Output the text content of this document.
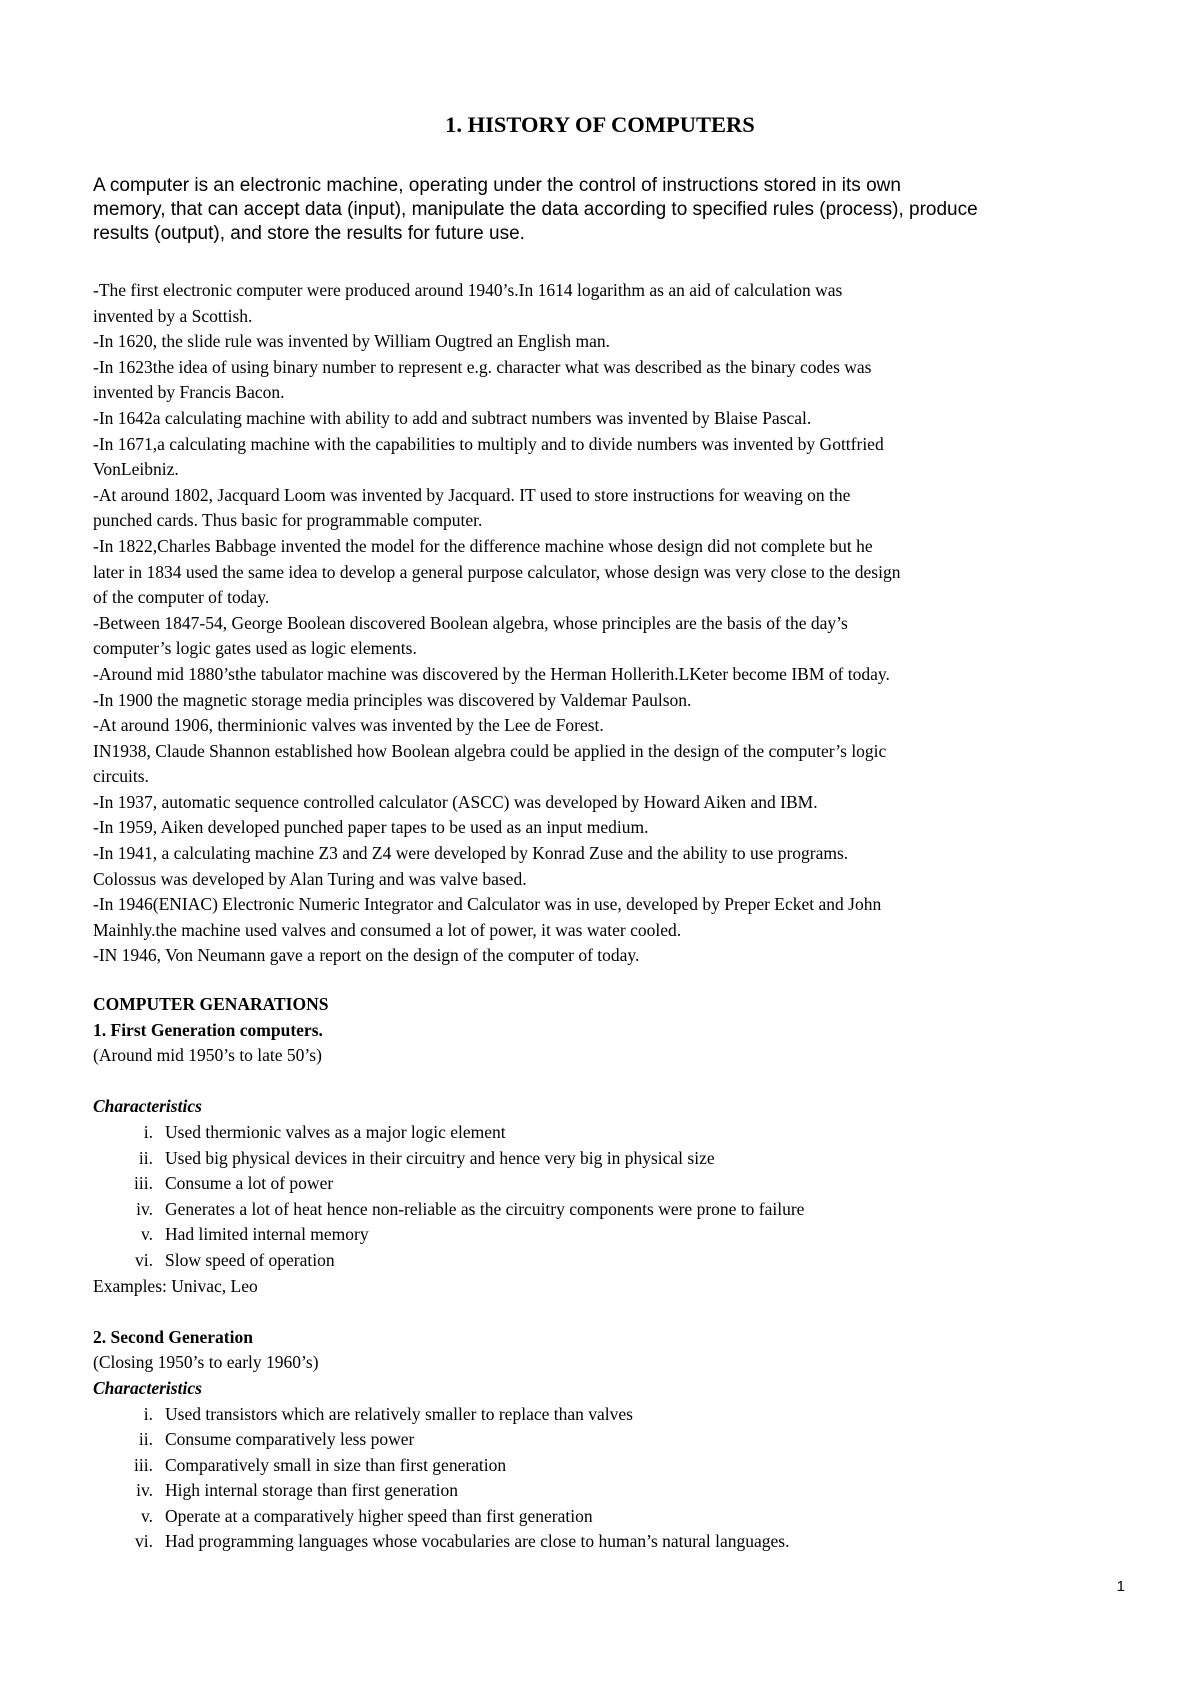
1. HISTORY OF COMPUTERS
A computer is an electronic machine, operating under the control of instructions stored in its own
memory, that can accept data (input), manipulate the data according to specified rules (process), produce
results (output), and store the results for future use.
-The first electronic computer were produced around 1940’s.In 1614 logarithm as an aid of calculation was
invented by a Scottish.
-In 1620, the slide rule was invented by William Ougtred an English man.
-In 1623the idea of using binary number to represent e.g. character what was described as the binary codes was
invented by Francis Bacon.
-In 1642a calculating machine with ability to add and subtract numbers was invented by Blaise Pascal.
-In 1671,a calculating machine with the capabilities to multiply and to divide numbers was invented by Gottfried
VonLeibniz.
-At around 1802, Jacquard Loom was invented by Jacquard. IT used to store instructions for weaving on the
punched cards. Thus basic for programmable computer.
-In 1822,Charles Babbage invented the model for the difference machine whose design did not complete but he
later in 1834 used the same idea to develop a general purpose calculator, whose design was very close to the design
of the computer of today.
-Between 1847-54, George Boolean discovered Boolean algebra, whose principles are the basis of the day’s
computer’s logic gates used as logic elements.
-Around mid 1880’sthe tabulator machine was discovered by the Herman Hollerith.LKeter become IBM of today.
-In 1900 the magnetic storage media principles was discovered by Valdemar Paulson.
-At around 1906, therminionic valves was invented by the Lee de Forest.
IN1938, Claude Shannon established how Boolean algebra could be applied in the design of the computer’s logic
circuits.
-In 1937, automatic sequence controlled calculator (ASCC) was developed by Howard Aiken and IBM.
-In 1959, Aiken developed punched paper tapes to be used as an input medium.
-In 1941, a calculating machine Z3 and Z4 were developed by Konrad Zuse and the ability to use programs.
Colossus was developed by Alan Turing and was valve based.
-In 1946(ENIAC) Electronic Numeric Integrator and Calculator was in use, developed by Preper Ecket and John
Mainhly.the machine used valves and consumed a lot of power, it was water cooled.
-IN 1946, Von Neumann gave a report on the design of the computer of today.
COMPUTER GENARATIONS
1. First Generation computers.
(Around mid 1950’s to late 50’s)
Characteristics
i. Used thermionic valves as a major logic element
ii. Used big physical devices in their circuitry and hence very big in physical size
iii. Consume a lot of power
iv. Generates a lot of heat hence non-reliable as the circuitry components were prone to failure
v. Had limited internal memory
vi. Slow speed of operation
Examples: Univac, Leo
2. Second Generation
(Closing 1950’s to early 1960’s)
Characteristics
i. Used transistors which are relatively smaller to replace than valves
ii. Consume comparatively less power
iii. Comparatively small in size than first generation
iv. High internal storage than first generation
v. Operate at a comparatively higher speed than first generation
vi. Had programming languages whose vocabularies are close to human’s natural languages.
1
